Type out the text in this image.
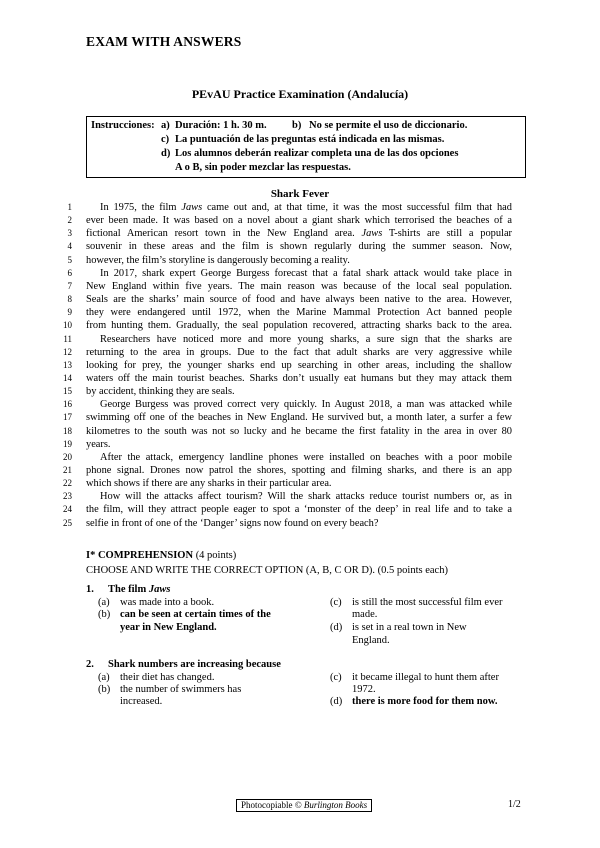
EXAM WITH ANSWERS
PEvAU Practice Examination (Andalucía)
Instrucciones: a) Duración: 1 h. 30 m. b) No se permite el uso de diccionario.
c) La puntuación de las preguntas está indicada en las mismas.
d) Los alumnos deberán realizar completa una de las dos opciones
A o B, sin poder mezclar las respuestas.
Shark Fever
1	In 1975, the film Jaws came out and, at that time, it was the most successful film that had
2 ever been made. It was based on a novel about a giant shark which terrorised the beaches of a
3 fictional American resort town in the New England area. Jaws T-shirts are still a popular
4 souvenir in these areas and the film is shown regularly during the summer season. Now,
5 however, the film’s storyline is dangerously becoming a reality.
6	In 2017, shark expert George Burgess forecast that a fatal shark attack would take place in
7 New England within five years. The main reason was because of the local seal population.
8 Seals are the sharks’ main source of food and have always been native to the area. However,
9 they were endangered until 1972, when the Marine Mammal Protection Act banned people
10 from hunting them. Gradually, the seal population recovered, attracting sharks back to the area.
11	Researchers have noticed more and more young sharks, a sure sign that the sharks are
12 returning to the area in groups. Due to the fact that adult sharks are very aggressive while
13 looking for prey, the younger sharks end up searching in other areas, including the shallow
14 waters off the main tourist beaches. Sharks don’t usually eat humans but they may attack them
15 by accident, thinking they are seals.
16	George Burgess was proved correct very quickly. In August 2018, a man was attacked while
17 swimming off one of the beaches in New England. He survived but, a month later, a surfer a few
18 kilometres to the south was not so lucky and he became the first fatality in the area in over 80
19 years.
20	After the attack, emergency landline phones were installed on beaches with a poor mobile
21 phone signal. Drones now patrol the shores, spotting and filming sharks, and there is an app
22 which shows if there are any sharks in their particular area.
23	How will the attacks affect tourism? Will the shark attacks reduce tourist numbers or, as in
24 the film, will they attract people eager to spot a ‘monster of the deep’ in real life and to take a
25 selfie in front of one of the ‘Danger’ signs now found on every beach?
I* COMPREHENSION (4 points)
CHOOSE AND WRITE THE CORRECT OPTION (A, B, C OR D). (0.5 points each)
1. The film Jaws
(a) was made into a book.
(b) can be seen at certain times of the
year in New England.
(c) is still the most successful film ever
made.
(d) is set in a real town in New
England.
2. Shark numbers are increasing because
(a) their diet has changed.
(b) the number of swimmers has
increased.
(c) it became illegal to hunt them after
1972.
(d) there is more food for them now.
Photocopiable © Burlington Books	1/2
